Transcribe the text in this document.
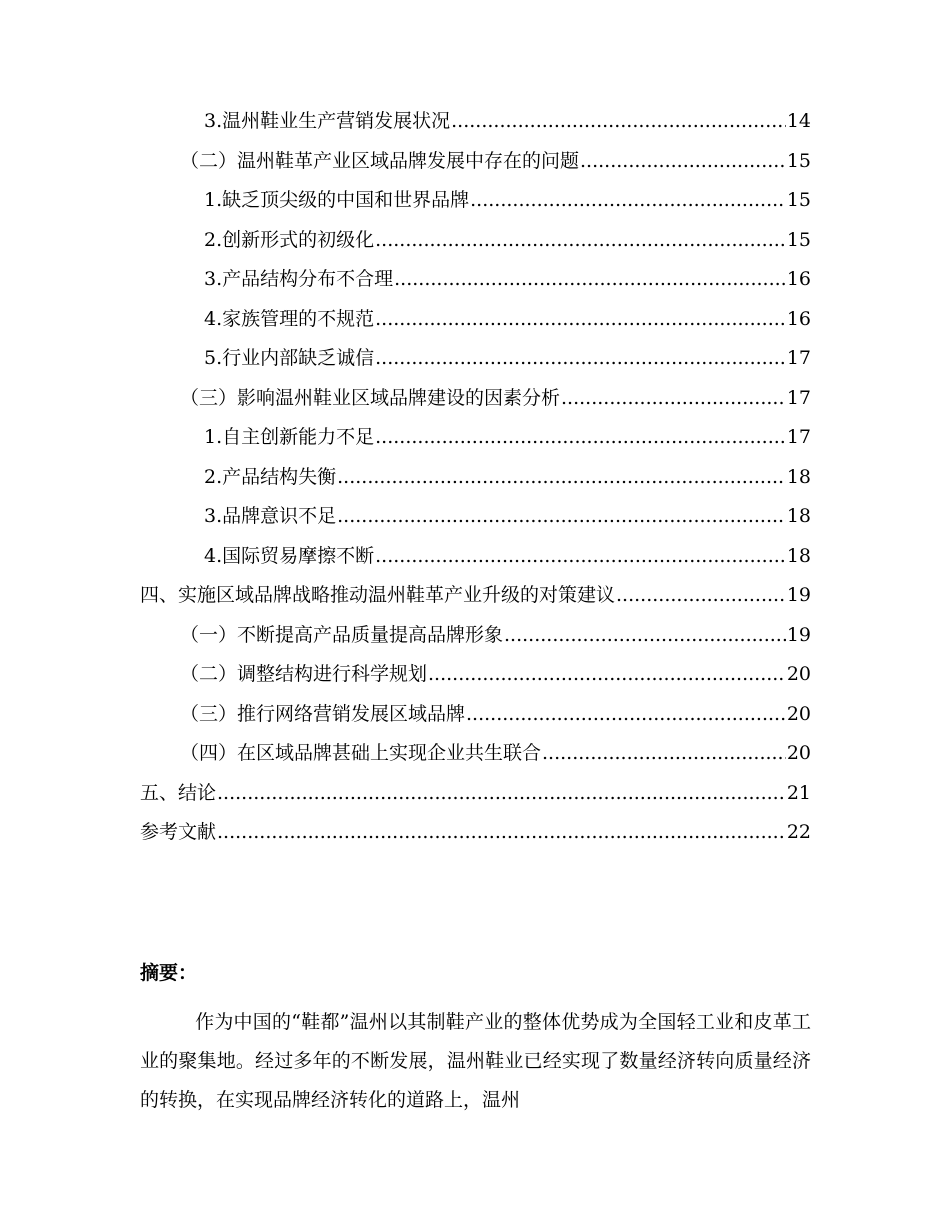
3.温州鞋业生产营销发展状况 .....	14
（二）温州鞋革产业区域品牌发展中存在的问题 .....	15
1.缺乏顶尖级的中国和世界品牌 .....	15
2.创新形式的初级化 .....	15
3.产品结构分布不合理 .....	16
4.家族管理的不规范 .....	16
5.行业内部缺乏诚信 .....	17
（三）影响温州鞋业区域品牌建设的因素分析 .....	17
1.自主创新能力不足 .....	17
2.产品结构失衡 .....	18
3.品牌意识不足 .....	18
4.国际贸易摩擦不断 .....	18
四、实施区域品牌战略推动温州鞋革产业升级的对策建议 .....	19
（一）不断提高产品质量提高品牌形象 .....	19
（二）调整结构进行科学规划 .....	20
（三）推行网络营销发展区域品牌 .....	20
（四）在区域品牌甚础上实现企业共生联合 .....	20
五、结论 .....	21
参考文献 .....	22

摘要：

作为中国的“鞋都”温州以其制鞋产业的整体优势成为全国轻工业和皮革工业的聚集地。经过多年的不断发展，温州鞋业已经实现了数量经济转向质量经济的转换，在实现品牌经济转化的道路上，温州
